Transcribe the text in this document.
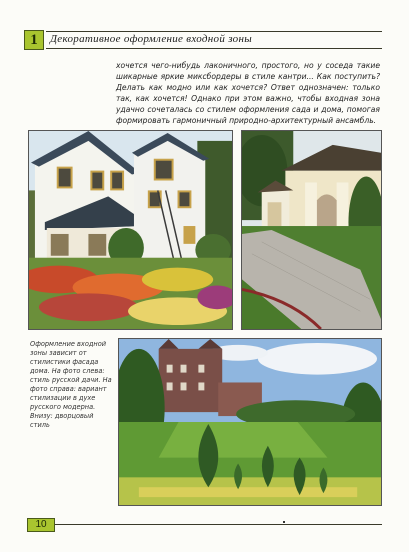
1	Декоративное оформление входной зоны

хочется чего-нибудь лаконичного, простого, но у соседа такие шикарные яркие миксбордеры в стиле кантри... Как поступить? Делать как модно или как хочется? Ответ однозначен: только так, как хочется! Однако при этом важно, чтобы входная зона удачно сочеталась со стилем оформления сада и дома, помогая формировать гармоничный природно-архитектурный ансамбль.

Оформление входной зоны зависит от стилистики фасада дома. На фото слева: стиль русской дачи. На фото справа: вариант стилизации в духе русского модерна. Внизу: дворцовый стиль

10
